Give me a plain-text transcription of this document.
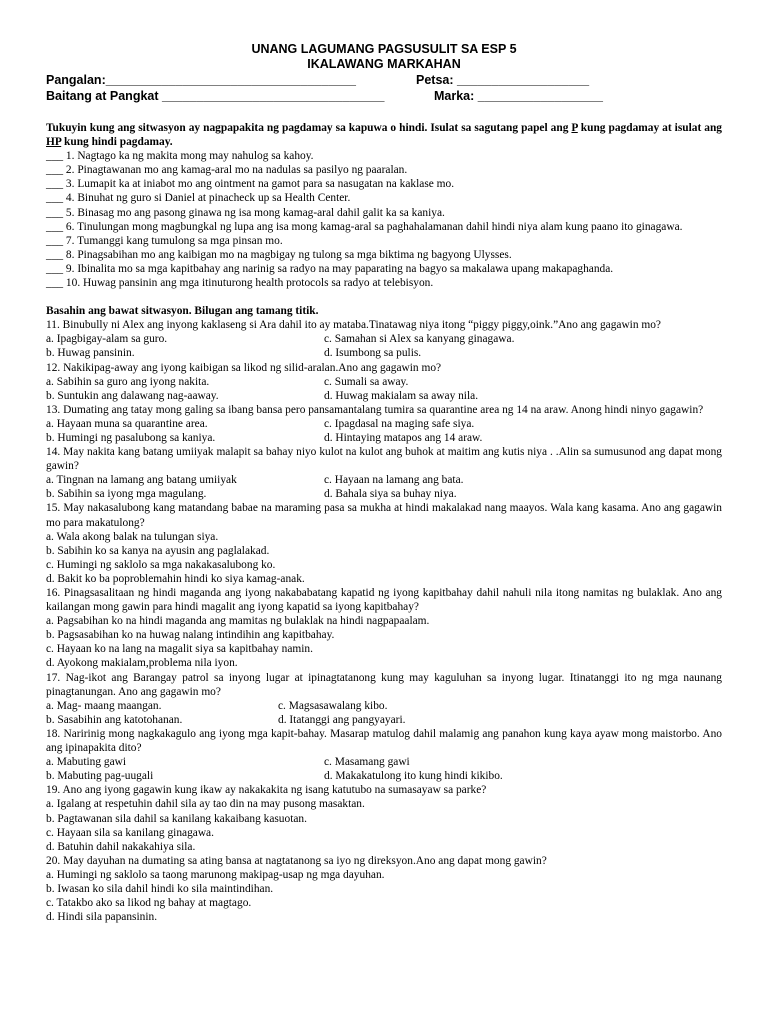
UNANG LAGUMANG PAGSUSULIT SA ESP 5
IKALAWANG MARKAHAN
Pangalan:____________________________________	Petsa: ___________________
Baitang at Pangkat ________________________________	Marka: __________________
Tukuyin kung ang sitwasyon ay nagpapakita ng pagdamay sa kapuwa o hindi. Isulat sa sagutang papel ang P kung pagdamay at isulat ang HP kung hindi pagdamay.
___ 1. Nagtago ka ng makita mong may nahulog sa kahoy.
___ 2. Pinagtawanan mo ang kamag-aral mo na nadulas sa pasilyo ng paaralan.
___ 3. Lumapit ka at iniabot mo ang ointment na gamot para sa nasugatan na kaklase mo.
___ 4. Binuhat ng guro si Daniel at pinacheck up sa Health Center.
___ 5. Binasag mo ang pasong ginawa ng isa mong kamag-aral dahil galit ka sa kaniya.
___ 6. Tinulungan mong magbungkal ng lupa ang isa mong kamag-aral sa paghahalamanan dahil hindi niya alam kung paano ito ginagawa.
___ 7. Tumanggi kang tumulong sa mga pinsan mo.
___ 8. Pinagsabihan mo ang kaibigan mo na magbigay ng tulong sa mga biktima ng bagyong Ulysses.
___ 9. Ibinalita mo sa mga kapitbahay ang narinig sa radyo na may paparating na bagyo sa makalawa upang makapaghanda.
___ 10. Huwag pansinin ang mga itinuturong health protocols sa radyo at telebisyon.
Basahin ang bawat sitwasyon. Bilugan ang tamang titik.
11. Binubully ni Alex ang inyong kaklaseng si Ara dahil ito ay mataba.Tinatawag niya itong “piggy piggy,oink.”Ano ang gagawin mo?
a. Ipagbigay-alam sa guro.	c. Samahan si Alex sa kanyang ginagawa.
b. Huwag pansinin.	d. Isumbong sa pulis.
12. Nakikipag-away ang iyong kaibigan sa likod ng silid-aralan.Ano ang gagawin mo?
a. Sabihin sa guro ang iyong nakita.	c. Sumali sa away.
b. Suntukin ang dalawang nag-aaway.	d. Huwag makialam sa away nila.
13. Dumating ang tatay mong galing sa ibang bansa pero pansamantalang tumira sa quarantine area ng 14 na araw. Anong hindi ninyo gagawin?
a. Hayaan muna sa quarantine area.	c. Ipagdasal na maging safe siya.
b. Humingi ng pasalubong sa kaniya.	d. Hintaying matapos ang 14 araw.
14. May nakita kang batang umiiyak malapit sa bahay niyo kulot na kulot ang buhok at maitim ang kutis niya . .Alin sa sumusunod ang dapat mong gawin?
a. Tingnan na lamang ang batang umiiyak	c. Hayaan na lamang ang bata.
b. Sabihin sa iyong mga magulang.	d. Bahala siya sa buhay niya.
15. May nakasalubong kang matandang babae na maraming pasa sa mukha at hindi makalakad nang maayos. Wala kang kasama. Ano ang gagawin mo para makatulong?
a. Wala akong balak na tulungan siya.
b. Sabihin ko sa kanya na ayusin ang paglalakad.
c. Humingi ng saklolo sa mga nakakasalubong ko.
d. Bakit ko ba poproblemahin hindi ko siya kamag-anak.
16. Pinagsasalitaan ng hindi maganda ang iyong nakababatang kapatid ng iyong kapitbahay dahil nahuli nila itong namitas ng bulaklak. Ano ang kailangan mong gawin para hindi magalit ang iyong kapatid sa iyong kapitbahay?
a. Pagsabihan ko na hindi maganda ang mamitas ng bulaklak na hindi nagpapaalam.
b. Pagsasabihan ko na huwag nalang intindihin ang kapitbahay.
c. Hayaan ko na lang na magalit siya sa kapitbahay namin.
d. Ayokong makialam,problema nila iyon.
17. Nag-ikot ang Barangay patrol sa inyong lugar at ipinagtatanong kung may kaguluhan sa inyong lugar. Itinatanggi ito ng mga naunang pinagtanungan. Ano ang gagawin mo?
a. Mag- maang maangan.	c. Magsasawalang kibo.
b. Sasabihin ang katotohanan.	d. Itatanggi ang pangyayari.
18. Naririnig mong nagkakagulo ang iyong mga kapit-bahay. Masarap matulog dahil malamig ang panahon kung kaya ayaw mong maistorbo. Ano ang ipinapakita dito?
a. Mabuting gawi	c. Masamang gawi
b. Mabuting pag-uugali	d. Makakatulong ito kung hindi kikibo.
19. Ano ang iyong gagawin kung ikaw ay nakakakita ng isang katutubo na sumasayaw sa parke?
a. Igalang at respetuhin dahil sila ay tao din na may pusong masaktan.
b. Pagtawanan sila dahil sa kanilang kakaibang kasuotan.
c. Hayaan sila sa kanilang ginagawa.
d. Batuhin dahil nakakahiya sila.
20. May dayuhan na dumating sa ating bansa at nagtatanong sa iyo ng direksyon.Ano ang dapat mong gawin?
a. Humingi ng saklolo sa taong marunong makipag-usap ng mga dayuhan.
b. Iwasan ko sila dahil hindi ko sila maintindihan.
c. Tatakbo ako sa likod ng bahay at magtago.
d. Hindi sila papansinin.
